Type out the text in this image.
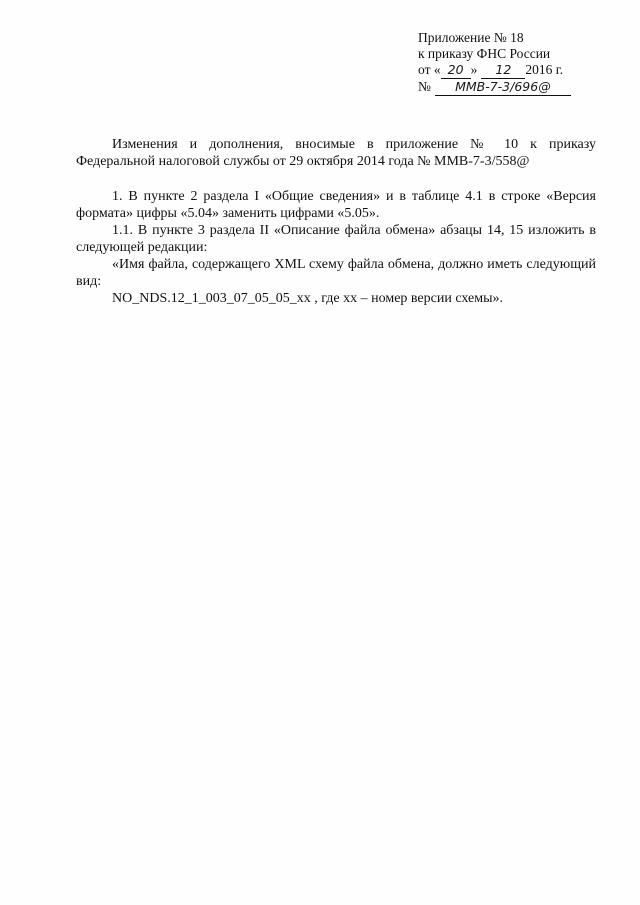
Приложение № 18
к приказу ФНС России
от « 20 » 12 2016 г.
№ ММВ-7-3/696@
Изменения и дополнения, вносимые в приложение № 10 к приказу
Федеральной налоговой службы от 29 октября 2014 года № ММВ-7-3/558@

1. В пункте 2 раздела I «Общие сведения» и в таблице 4.1 в строке «Версия формата» цифры «5.04» заменить цифрами «5.05».

1.1. В пункте 3 раздела II «Описание файла обмена» абзацы 14, 15 изложить в следующей редакции:

«Имя файла, содержащего XML схему файла обмена, должно иметь следующий вид:

NO_NDS.12_1_003_07_05_05_xx , где хх – номер версии схемы».
